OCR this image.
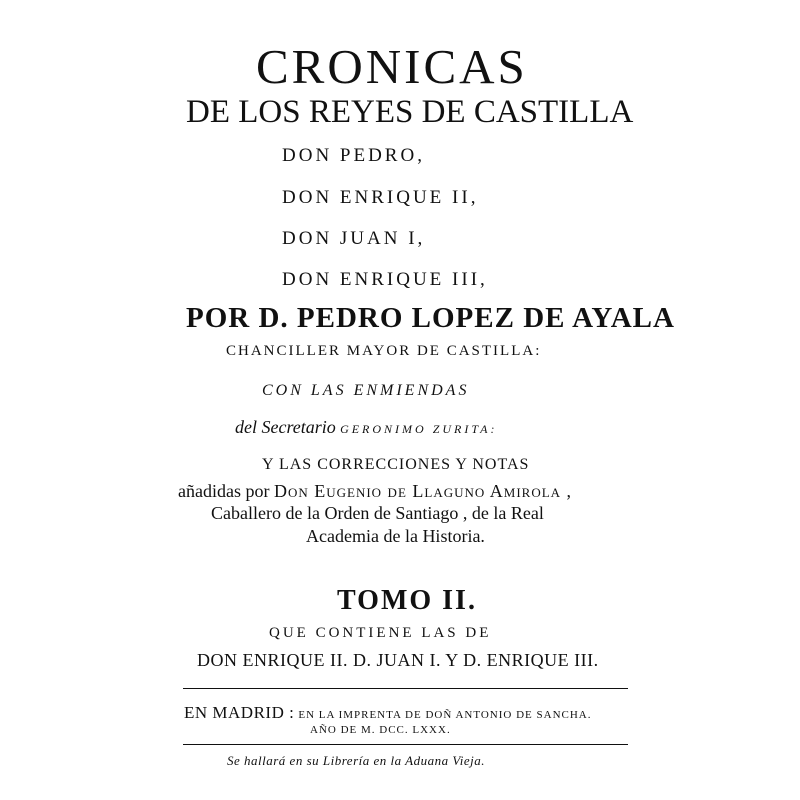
CRONICAS
DE LOS REYES DE CASTILLA
DON PEDRO,
DON ENRIQUE II,
DON JUAN I,
DON ENRIQUE III,
POR D. PEDRO LOPEZ DE AYALA
CHANCILLER MAYOR DE CASTILLA:
CON LAS ENMIENDAS
del Secretario GERONIMO ZURITA:
Y LAS CORRECCIONES Y NOTAS
añadidas por Don Eugenio de Llaguno Amirola ,
Caballero de la Orden de Santiago , de la Real
Academia de la Historia.
TOMO II.
QUE CONTIENE LAS DE
DON ENRIQUE II. D. JUAN I. Y D. ENRIQUE III.
EN MADRID : EN LA IMPRENTA DE DOÑ ANTONIO DE SANCHA.
AÑO DE M. DCC. LXXX.
Se hallará en su Librería en la Aduana Vieja.
